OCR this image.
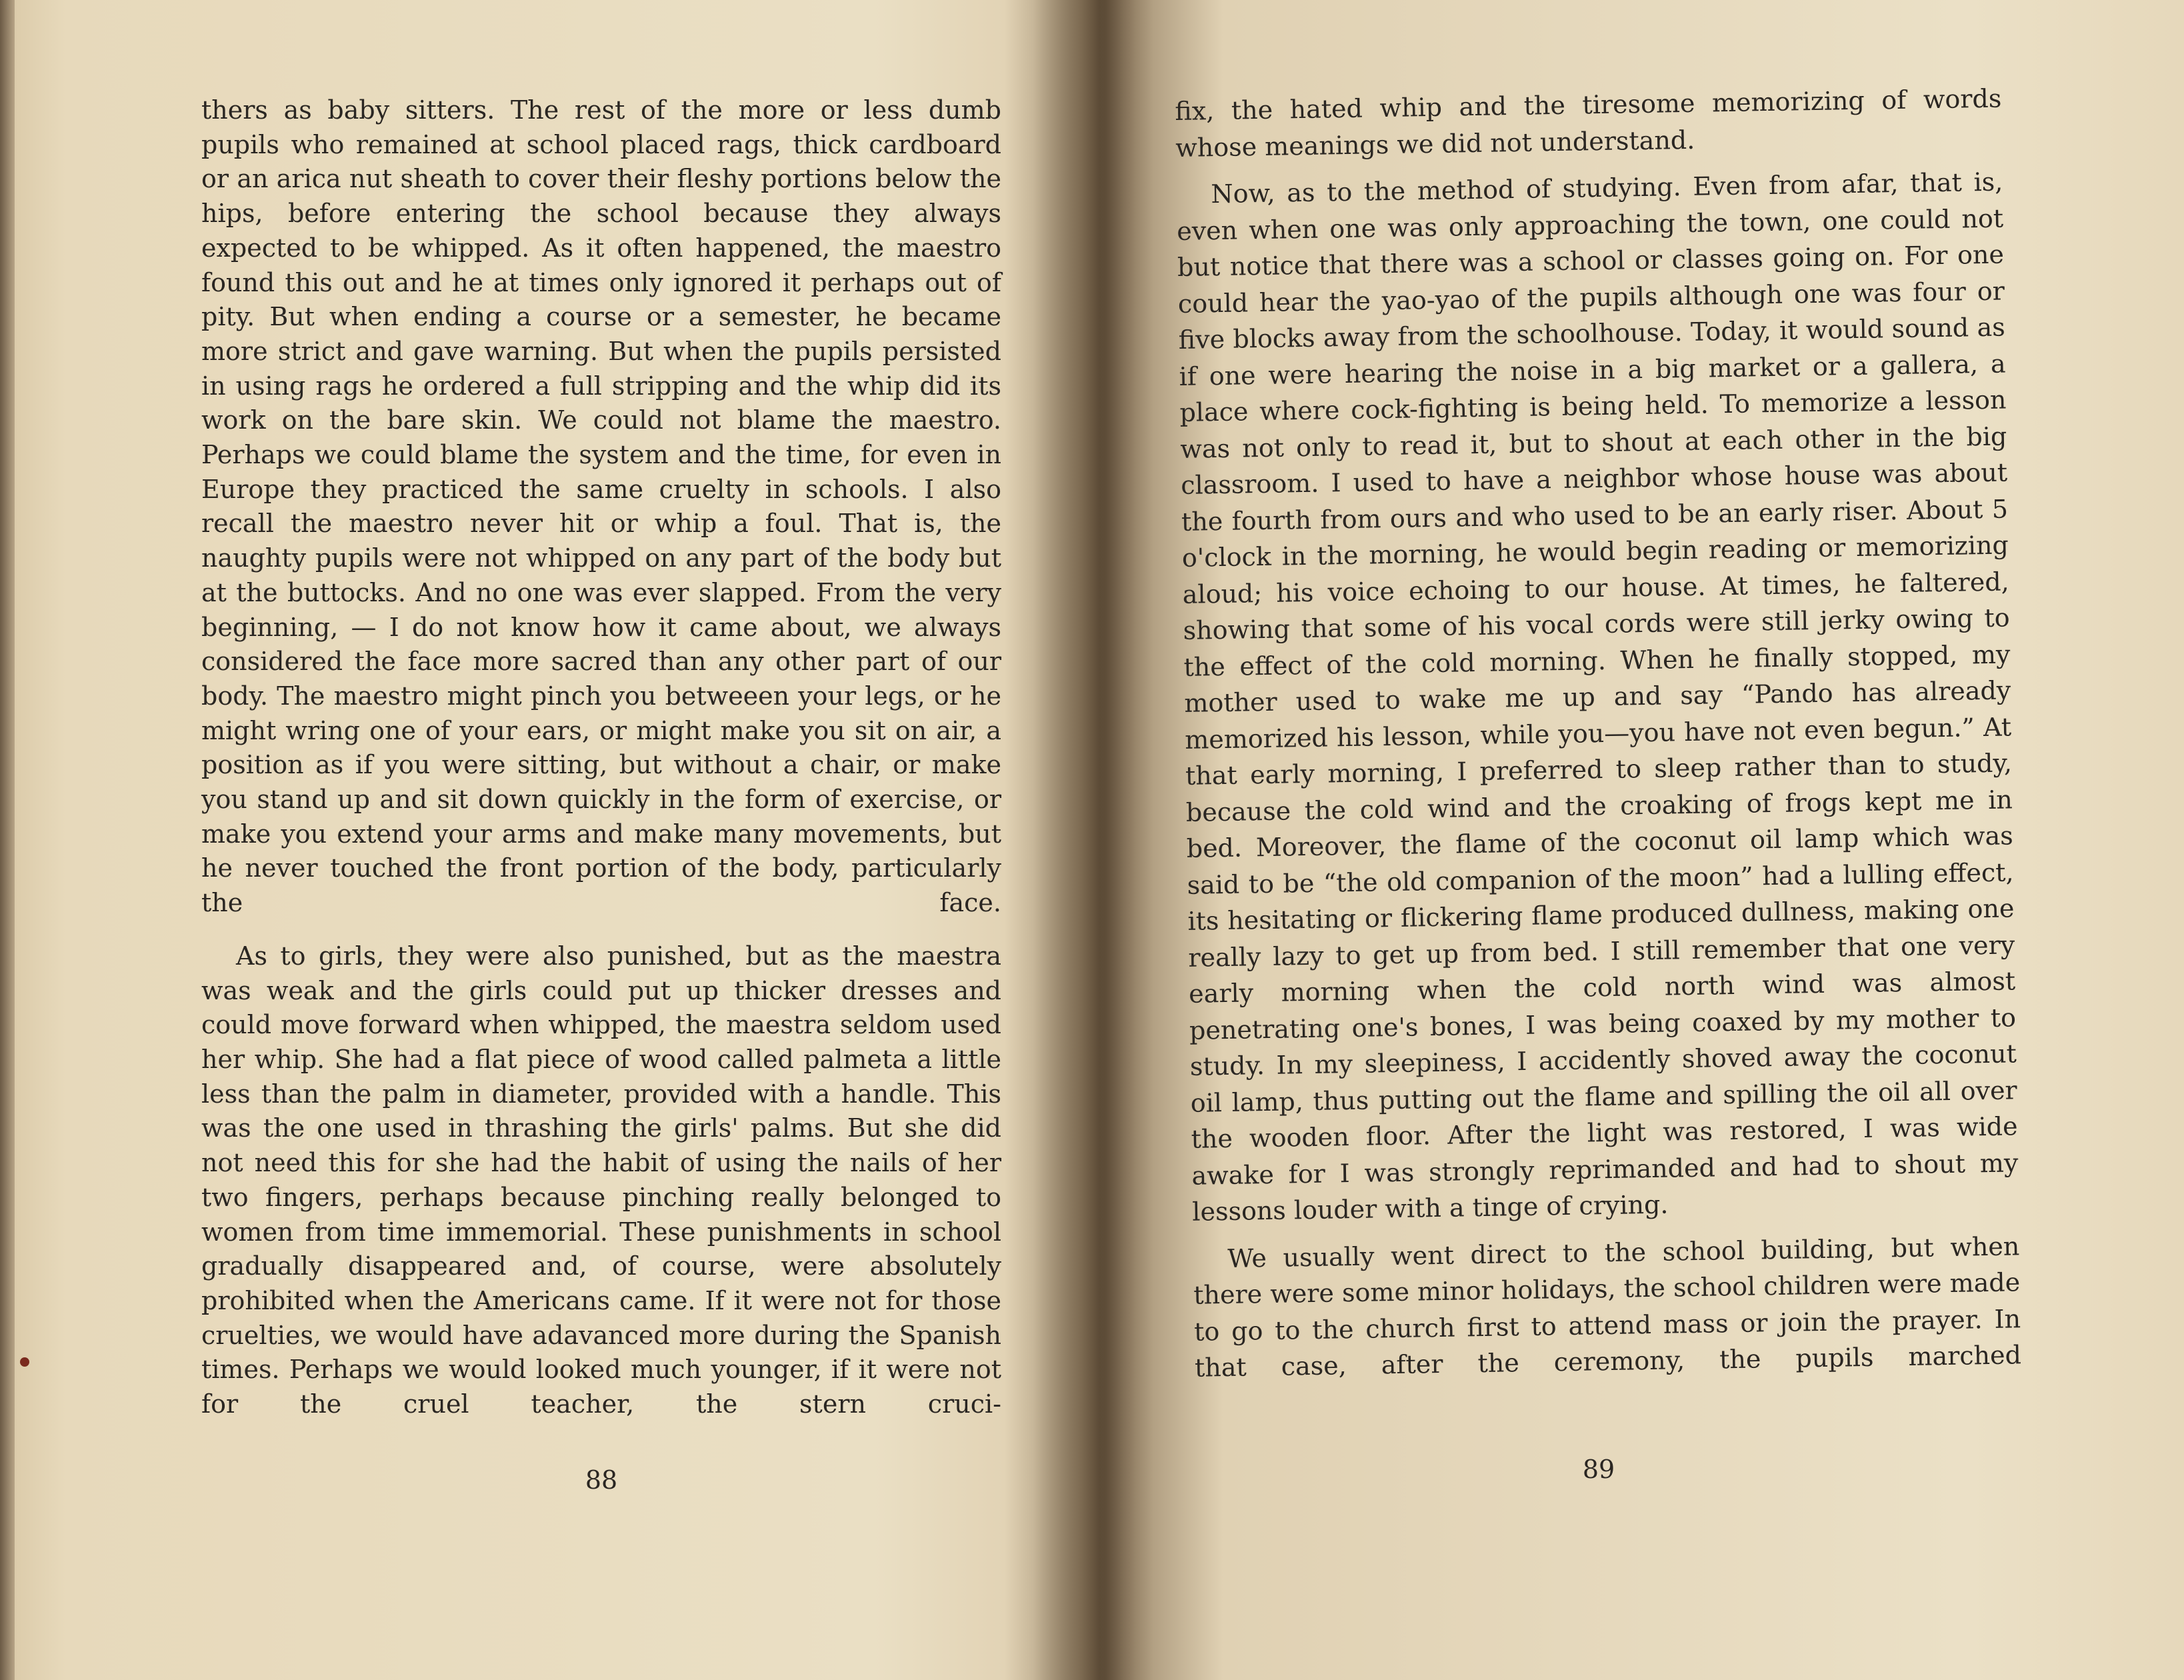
thers as baby sitters. The rest of the more or less dumb pupils who remained at school placed rags, thick cardboard or an arica nut sheath to cover their fleshy portions below the hips, before entering the school because they always expected to be whipped. As it often happened, the maestro found this out and he at times only ignored it perhaps out of pity. But when ending a course or a semester, he became more strict and gave warning. But when the pupils persisted in using rags he ordered a full stripping and the whip did its work on the bare skin. We could not blame the maestro. Perhaps we could blame the system and the time, for even in Europe they practiced the same cruelty in schools. I also recall the maestro never hit or whip a foul. That is, the naughty pupils were not whipped on any part of the body but at the buttocks. And no one was ever slapped. From the very beginning, — I do not know how it came about, we always considered the face more sacred than any other part of our body. The maestro might pinch you betweeen your legs, or he might wring one of your ears, or might make you sit on air, a position as if you were sitting, but without a chair, or make you stand up and sit down quickly in the form of exercise, or make you extend your arms and make many movements, but he never touched the front portion of the body, particularly the face.

As to girls, they were also punished, but as the maestra was weak and the girls could put up thicker dresses and could move forward when whipped, the maestra seldom used her whip. She had a flat piece of wood called palmeta a little less than the palm in diameter, provided with a handle. This was the one used in thrashing the girls' palms. But she did not need this for she had the habit of using the nails of her two fingers, perhaps because pinching really belonged to women from time immemorial. These punishments in school gradually disappeared and, of course, were absolutely prohibited when the Americans came. If it were not for those cruelties, we would have adavanced more during the Spanish times. Perhaps we would looked much younger, if it were not for the cruel teacher, the stern cruci-

fix, the hated whip and the tiresome memorizing of words whose meanings we did not understand.

Now, as to the method of studying. Even from afar, that is, even when one was only approaching the town, one could not but notice that there was a school or classes going on. For one could hear the yao-yao of the pupils although one was four or five blocks away from the schoolhouse. Today, it would sound as if one were hearing the noise in a big market or a gallera, a place where cock-fighting is being held. To memorize a lesson was not only to read it, but to shout at each other in the big classroom. I used to have a neighbor whose house was about the fourth from ours and who used to be an early riser. About 5 o'clock in the morning, he would begin reading or memorizing aloud; his voice echoing to our house. At times, he faltered, showing that some of his vocal cords were still jerky owing to the effect of the cold morning. When he finally stopped, my mother used to wake me up and say “Pando has already memorized his lesson, while you—you have not even begun.” At that early morning, I preferred to sleep rather than to study, because the cold wind and the croaking of frogs kept me in bed. Moreover, the flame of the coconut oil lamp which was said to be “the old companion of the moon” had a lulling effect, its hesitating or flickering flame produced dullness, making one really lazy to get up from bed. I still remember that one very early morning when the cold north wind was almost penetrating one's bones, I was being coaxed by my mother to study. In my sleepiness, I accidently shoved away the coconut oil lamp, thus putting out the flame and spilling the oil all over the wooden floor. After the light was restored, I was wide awake for I was strongly reprimanded and had to shout my lessons louder with a tinge of crying.

We usually went direct to the school building, but when there were some minor holidays, the school children were made to go to the church first to attend mass or join the prayer. In that case, after the ceremony, the pupils marched

88	89
